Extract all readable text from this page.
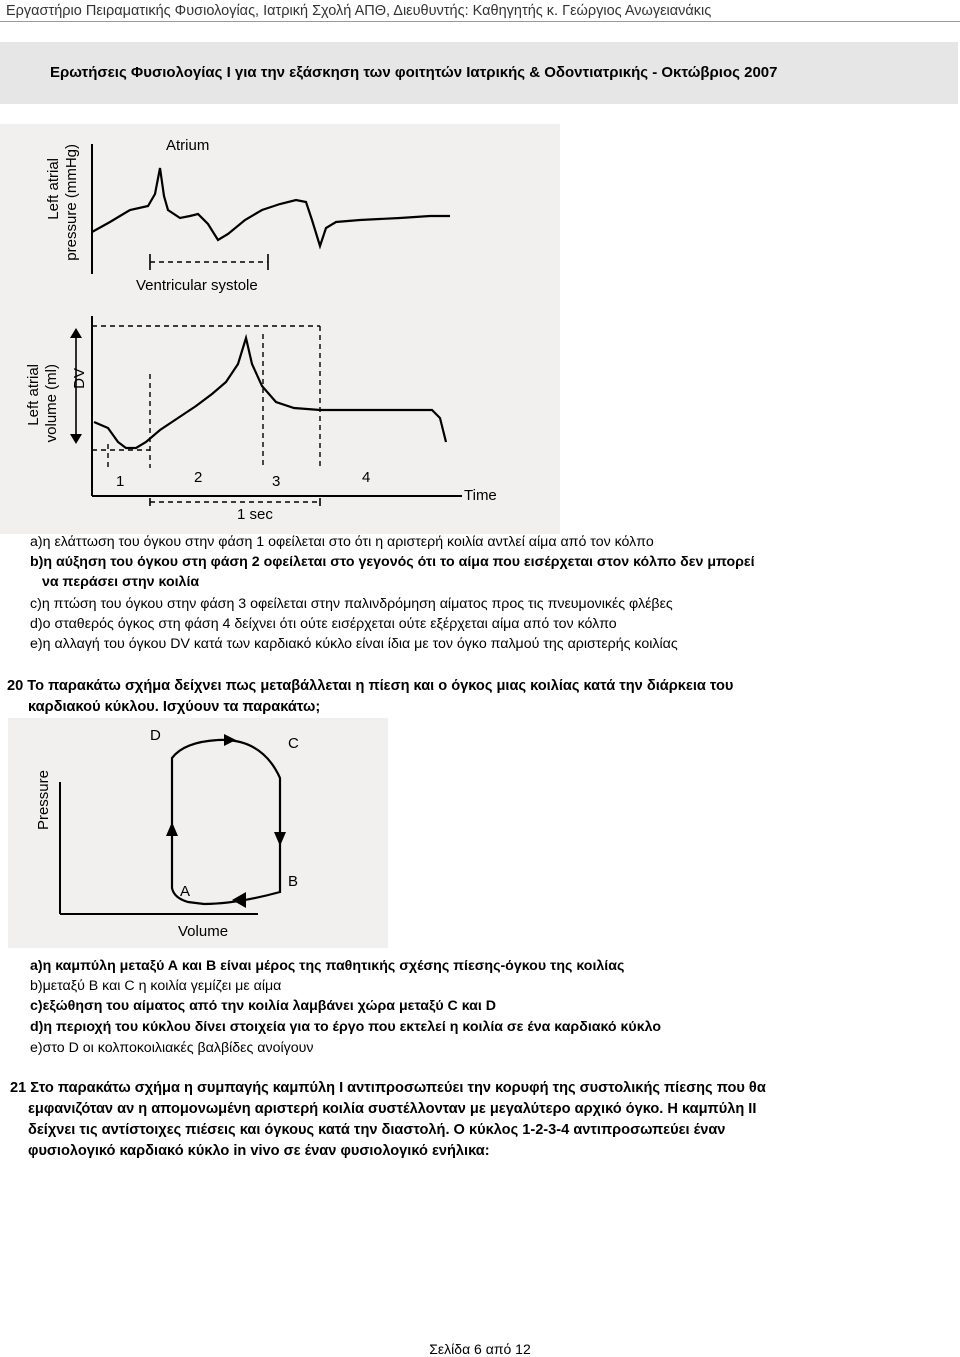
Εργαστήριο Πειραματικής Φυσιολογίας, Ιατρική Σχολή ΑΠΘ, Διευθυντής: Καθηγητής κ. Γεώργιος Ανωγειανάκις
Ερωτήσεις Φυσιολογίας Ι για την εξάσκηση των φοιτητών Ιατρικής & Οδοντιατρικής - Οκτώβριος 2007
Left atrial pressure (mmHg)	Atrium
Ventricular systole
Left atrial volume (ml) DV
1	2	3	4
Time
1 sec
a)η ελάττωση του όγκου στην φάση 1 οφείλεται στο ότι η αριστερή κοιλία αντλεί αίμα από τον κόλπο
b)η αύξηση του όγκου στη φάση 2 οφείλεται στο γεγονός ότι το αίμα που εισέρχεται στον κόλπο δεν μπορεί
να περάσει στην κοιλία
c)η πτώση του όγκου στην φάση 3 οφείλεται στην παλινδρόμηση αίματος προς τις πνευμονικές φλέβες
d)ο σταθερός όγκος στη φάση 4 δείχνει ότι ούτε εισέρχεται ούτε εξέρχεται αίμα από τον κόλπο
e)η αλλαγή του όγκου DV κατά των καρδιακό κύκλο είναι ίδια με τον όγκο παλμού της αριστερής κοιλίας
20 Το παρακάτω σχήμα δείχνει πως μεταβάλλεται η πίεση και ο όγκος μιας κοιλίας κατά την διάρκεια του
καρδιακού κύκλου. Ισχύουν τα παρακάτω;
D	C
A
B
Pressure
Volume
a)η καμπύλη μεταξύ Α και Β είναι μέρος της παθητικής σχέσης πίεσης-όγκου της κοιλίας
b)μεταξύ Β και C η κοιλία γεμίζει με αίμα
c)εξώθηση του αίματος από την κοιλία λαμβάνει χώρα μεταξύ C και D
d)η περιοχή του κύκλου δίνει στοιχεία για το έργο που εκτελεί η κοιλία σε ένα καρδιακό κύκλο
e)στο D οι κολποκοιλιακές βαλβίδες ανοίγουν
21 Στο παρακάτω σχήμα η συμπαγής καμπύλη Ι αντιπροσωπεύει την κορυφή της συστολικής πίεσης που θα
εμφανιζόταν αν η απομονωμένη αριστερή κοιλία συστέλλονταν με μεγαλύτερο αρχικό όγκο. Η καμπύλη ΙΙ
δείχνει τις αντίστοιχες πιέσεις και όγκους κατά την διαστολή. Ο κύκλος 1-2-3-4 αντιπροσωπεύει έναν
φυσιολογικό καρδιακό κύκλο in vivo σε έναν φυσιολογικό ενήλικα:
Σελίδα 6 από 12
